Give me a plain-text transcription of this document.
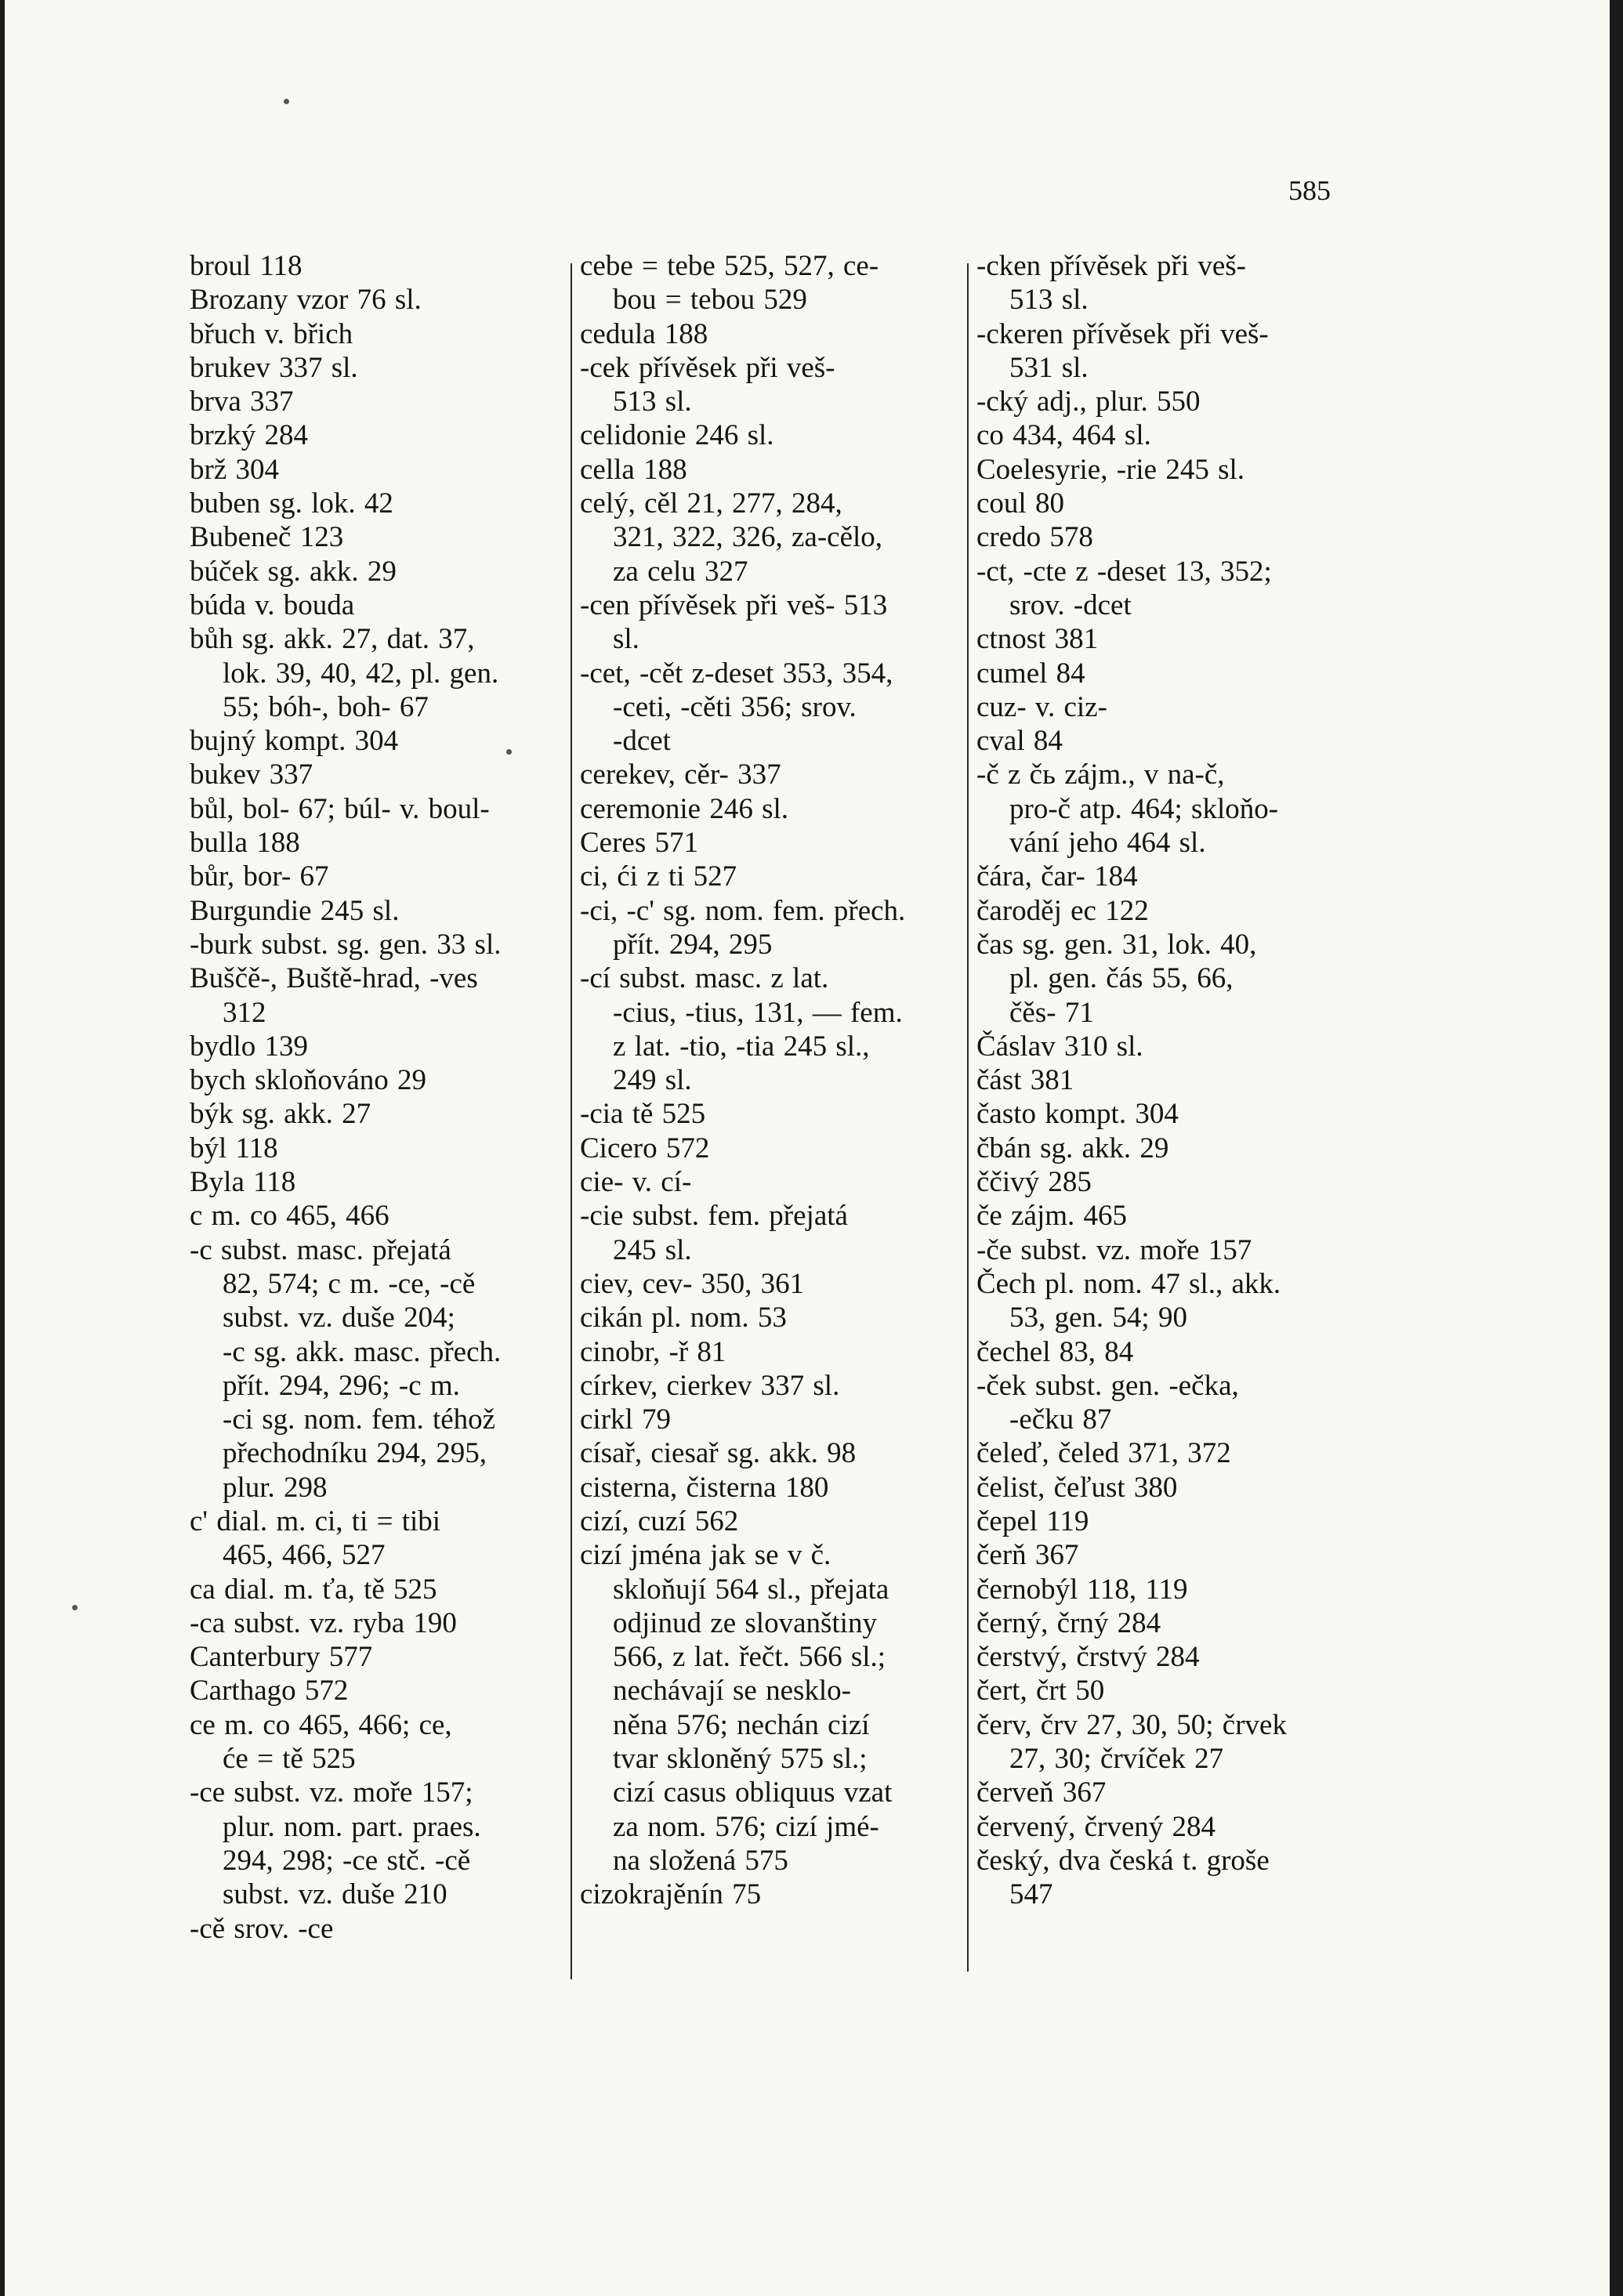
585
broul 118
Brozany vzor 76 sl.
břuch v. břich
brukev 337 sl.
brva 337
brzký 284
brž 304
buben sg. lok. 42
Bubeneč 123
búček sg. akk. 29
búda v. bouda
bůh sg. akk. 27, dat. 37,
lok. 39, 40, 42, pl. gen.
55; bóh-, boh- 67
bujný kompt. 304
bukev 337
bůl, bol- 67; búl- v. boul-
bulla 188
bůr, bor- 67
Burgundie 245 sl.
-burk subst. sg. gen. 33 sl.
Buščě-, Buště-hrad, -ves
312
bydlo 139
bych skloňováno 29
býk sg. akk. 27
býl 118
Byla 118
c m. co 465, 466
-c subst. masc. přejatá
82, 574; c m. -ce, -cě
subst. vz. duše 204;
-c sg. akk. masc. přech.
přít. 294, 296; -c m.
-ci sg. nom. fem. téhož
přechodníku 294, 295,
plur. 298
c' dial. m. ci, ti = tibi
465, 466, 527
ca dial. m. ťa, tě 525
-ca subst. vz. ryba 190
Canterbury 577
Carthago 572
ce m. co 465, 466; ce,
će = tě 525
-ce subst. vz. moře 157;
plur. nom. part. praes.
294, 298; -ce stč. -cě
subst. vz. duše 210
-cě srov. -ce
cebe = tebe 525, 527, ce-
bou = tebou 529
cedula 188
-cek přívěsek při veš-
513 sl.
celidonie 246 sl.
cella 188
celý, cěl 21, 277, 284,
321, 322, 326, za-cělo,
za celu 327
-cen přívěsek při veš- 513
sl.
-cet, -cět z-deset 353, 354,
-ceti, -cěti 356; srov.
-dcet
cerekev, cěr- 337
ceremonie 246 sl.
Ceres 571
ci, ći z ti 527
-ci, -c' sg. nom. fem. přech.
přít. 294, 295
-cí subst. masc. z lat.
-cius, -tius, 131, — fem.
z lat. -tio, -tia 245 sl.,
249 sl.
-cia tě 525
Cicero 572
cie- v. cí-
-cie subst. fem. přejatá
245 sl.
ciev, cev- 350, 361
cikán pl. nom. 53
cinobr, -ř 81
církev, cierkev 337 sl.
cirkl 79
císař, ciesař sg. akk. 98
cisterna, čisterna 180
cizí, cuzí 562
cizí jména jak se v č.
skloňují 564 sl., přejata
odjinud ze slovanštiny
566, z lat. řečt. 566 sl.;
nechávají se nesklo-
něna 576; nechán cizí
tvar skloněný 575 sl.;
cizí casus obliquus vzat
za nom. 576; cizí jmé-
na složená 575
cizokrajěnín 75
-cken přívěsek při veš-
513 sl.
-ckeren přívěsek při veš-
531 sl.
-cký adj., plur. 550
co 434, 464 sl.
Coelesyrie, -rie 245 sl.
coul 80
credo 578
-ct, -cte z -deset 13, 352;
srov. -dcet
ctnost 381
cumel 84
cuz- v. ciz-
cval 84
-č z čь zájm., v na-č,
pro-č atp. 464; skloňo-
vání jeho 464 sl.
čára, čar- 184
čaroděj ec 122
čas sg. gen. 31, lok. 40,
pl. gen. čás 55, 66,
čěs- 71
Čáslav 310 sl.
část 381
často kompt. 304
čbán sg. akk. 29
ččivý 285
če zájm. 465
-če subst. vz. moře 157
Čech pl. nom. 47 sl., akk.
53, gen. 54; 90
čechel 83, 84
-ček subst. gen. -ečka,
-ečku 87
čeleď, čeled 371, 372
čelist, čeľust 380
čepel 119
čerň 367
černobýl 118, 119
černý, črný 284
čerstvý, črstvý 284
čert, črt 50
červ, črv 27, 30, 50; črvek
27, 30; črvíček 27
červeň 367
červený, črvený 284
český, dva česká t. groše
547
